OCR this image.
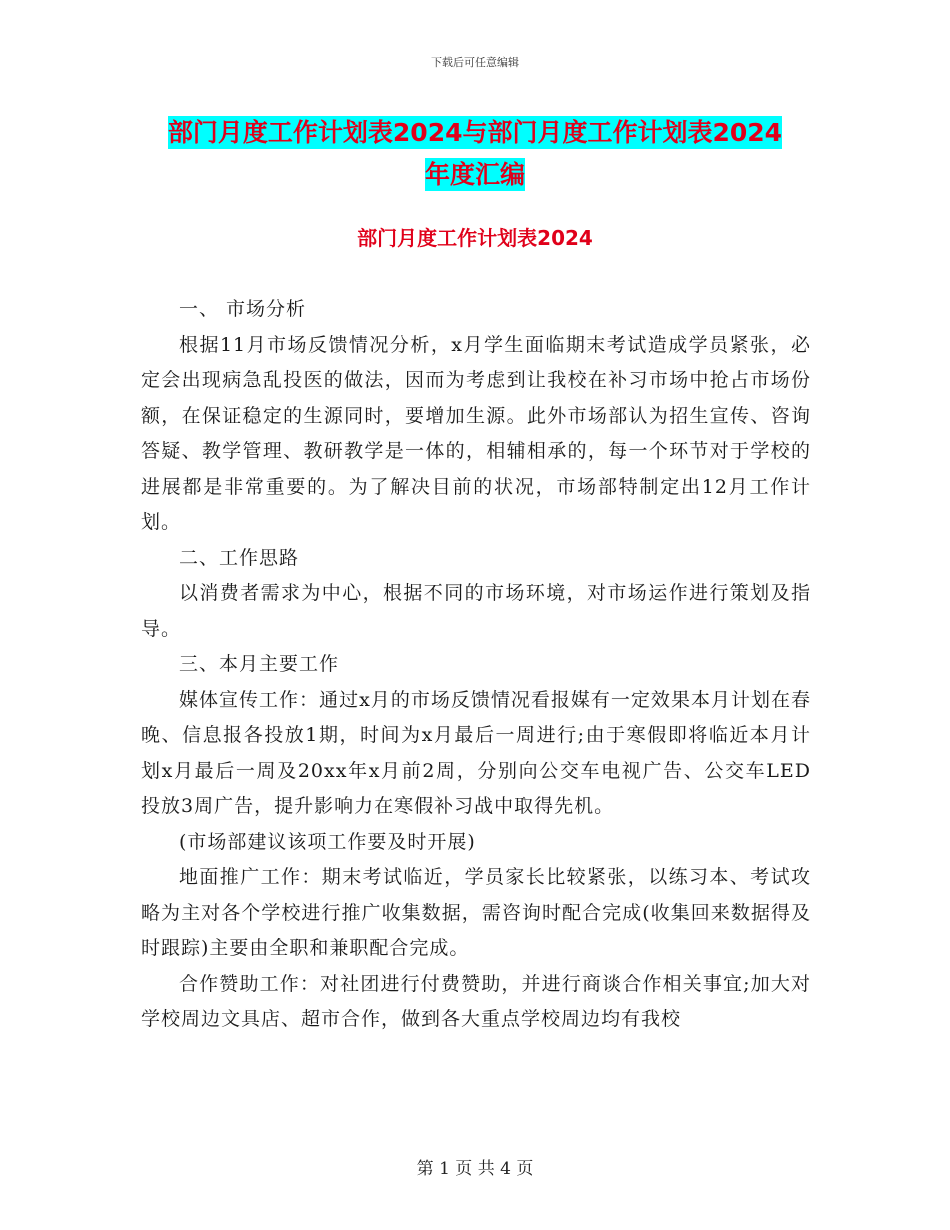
下载后可任意编辑
部门月度工作计划表2024与部门月度工作计划表2024
年度汇编
部门月度工作计划表2024

一、 市场分析

根据11月市场反馈情况分析，x月学生面临期末考试造成学员紧张，必定会出现病急乱投医的做法，因而为考虑到让我校在补习市场中抢占市场份额，在保证稳定的生源同时，要增加生源。此外市场部认为招生宣传、咨询答疑、教学管理、教研教学是一体的，相辅相承的，每一个环节对于学校的进展都是非常重要的。为了解决目前的状况，市场部特制定出12月工作计划。

二、工作思路

以消费者需求为中心，根据不同的市场环境，对市场运作进行策划及指导。

三、本月主要工作

媒体宣传工作：通过x月的市场反馈情况看报媒有一定效果本月计划在春晚、信息报各投放1期，时间为x月最后一周进行;由于寒假即将临近本月计划x月最后一周及20xx年x月前2周，分别向公交车电视广告、公交车LED投放3周广告，提升影响力在寒假补习战中取得先机。

(市场部建议该项工作要及时开展)

地面推广工作：期末考试临近，学员家长比较紧张，以练习本、考试攻略为主对各个学校进行推广收集数据，需咨询时配合完成(收集回来数据得及时跟踪)主要由全职和兼职配合完成。

合作赞助工作：对社团进行付费赞助，并进行商谈合作相关事宜;加大对学校周边文具店、超市合作，做到各大重点学校周边均有我校

第 1 页 共 4 页
